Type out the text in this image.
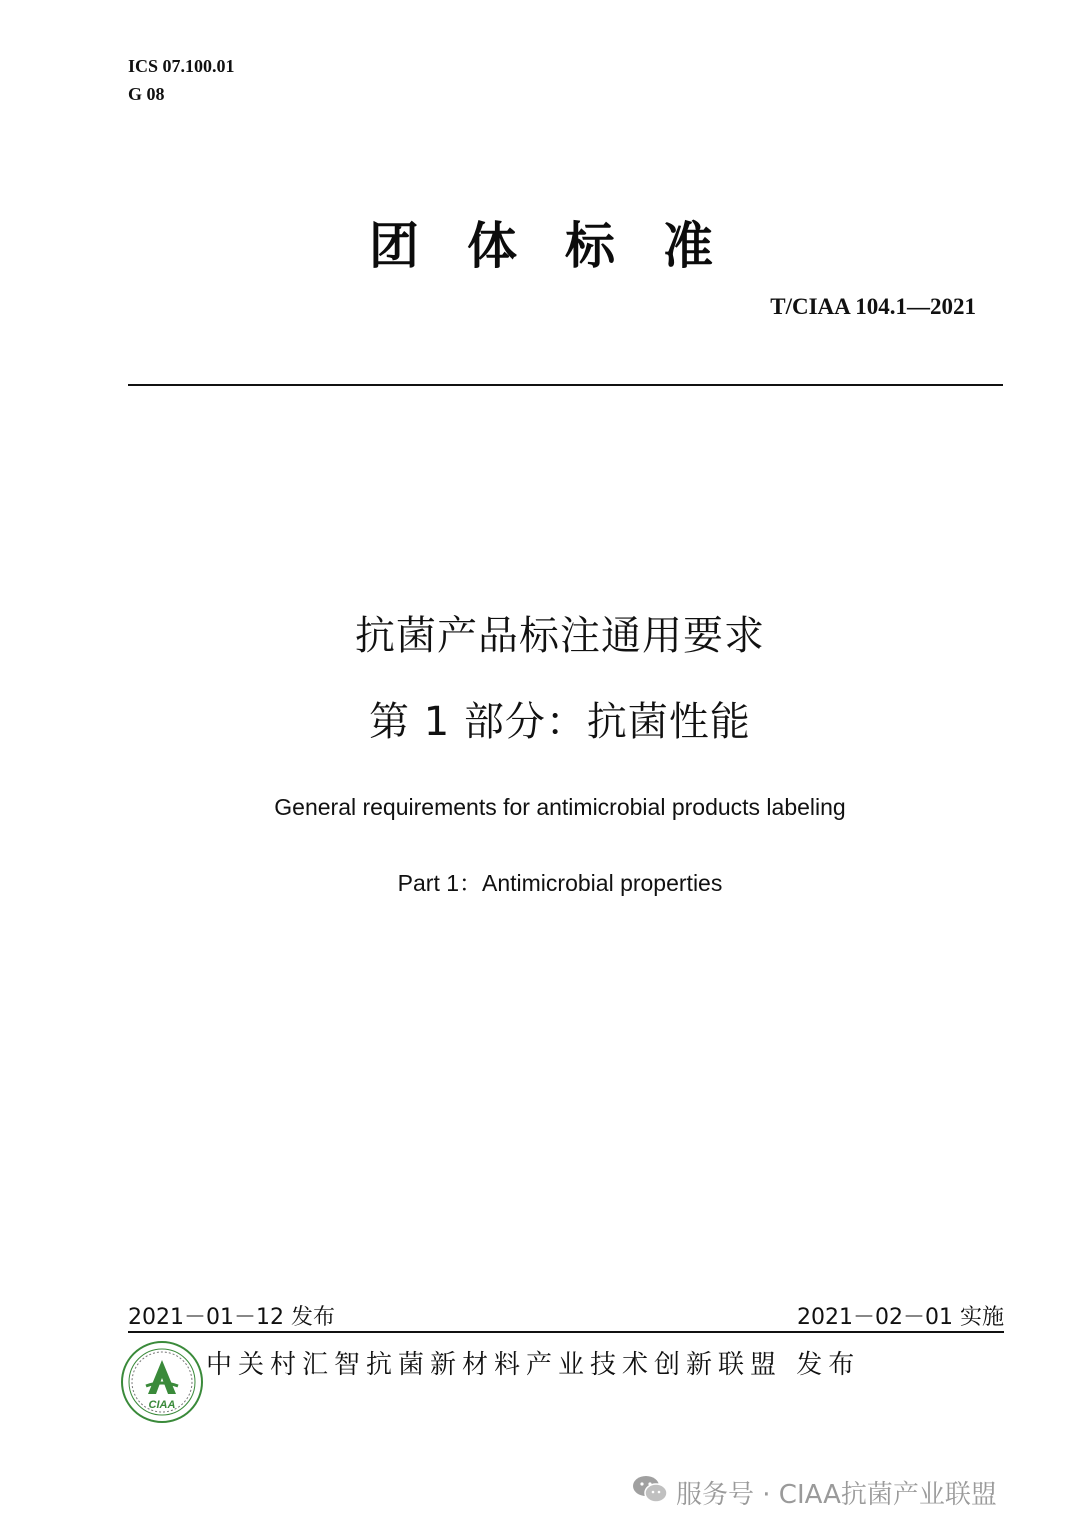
ICS 07.100.01
G 08
团体标准
T/CIAA 104.1—2021
抗菌产品标注通用要求
第 1 部分：抗菌性能
General requirements for antimicrobial products labeling
Part 1：Antimicrobial properties
2021－01－12 发布	2021－02－01 实施
CIAA
中关村汇智抗菌新材料产业技术创新联盟 发布
服务号 · CIAA抗菌产业联盟
